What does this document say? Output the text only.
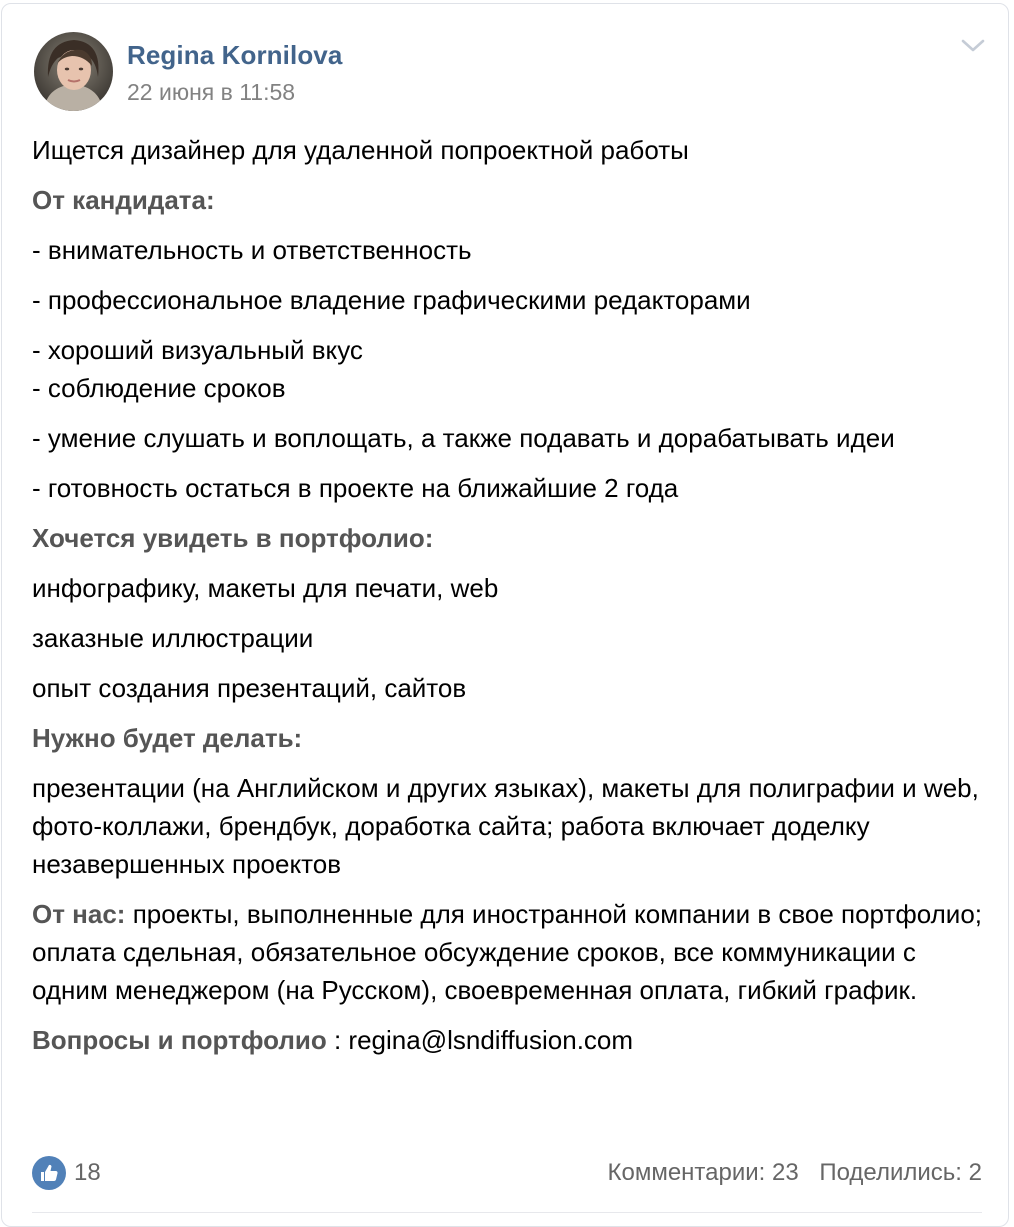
Regina Kornilova
22 июня в 11:58

Ищется дизайнер для удаленной попроектной работы

От кандидата:

- внимательность и ответственность

- профессиональное владение графическими редакторами

- хороший визуальный вкус
- соблюдение сроков

- умение слушать и воплощать, а также подавать и дорабатывать идеи

- готовность остаться в проекте на ближайшие 2 года

Хочется увидеть в портфолио:

инфографику, макеты для печати, web

заказные иллюстрации

опыт создания презентаций, сайтов

Нужно будет делать:

презентации (на Английском и других языках), макеты для полиграфии и web, фото-коллажи, брендбук, доработка сайта; работа включает доделку незавершенных проектов

От нас: проекты, выполненные для иностранной компании в свое портфолио; оплата сдельная, обязательное обсуждение сроков, все коммуникации с одним менеджером (на Русском), своевременная оплата, гибкий график.

Вопросы и портфолио : regina@lsndiffusion.com

18	Комментарии: 23 Поделились: 2
